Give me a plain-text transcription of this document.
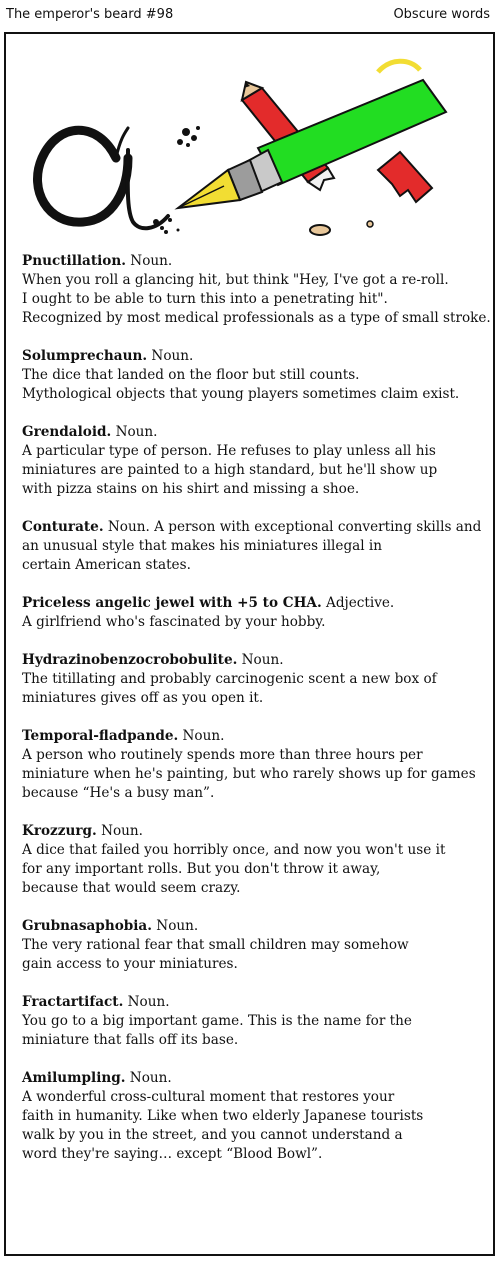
The emperor's beard #98	Obscure words
Pnuctillation. Noun.
When you roll a glancing hit, but think "Hey, I've got a re-roll.
I ought to be able to turn this into a penetrating hit".
Recognized by most medical professionals as a type of small stroke.
Solumprechaun. Noun.
The dice that landed on the floor but still counts.
Mythological objects that young players sometimes claim exist.
Grendaloid. Noun.
A particular type of person. He refuses to play unless all his
miniatures are painted to a high standard, but he'll show up
with pizza stains on his shirt and missing a shoe.
Conturate. Noun. A person with exceptional converting skills and
an unusual style that makes his miniatures illegal in
certain American states.
Priceless angelic jewel with +5 to CHA. Adjective.
A girlfriend who's fascinated by your hobby.
Hydrazinobenzocrobobulite. Noun.
The titillating and probably carcinogenic scent a new box of
miniatures gives off as you open it.
Temporal-fladpande. Noun.
A person who routinely spends more than three hours per
miniature when he's painting, but who rarely shows up for games
because “He's a busy man”.
Krozzurg. Noun.
A dice that failed you horribly once, and now you won't use it
for any important rolls. But you don't throw it away,
because that would seem crazy.
Grubnasaphobia. Noun.
The very rational fear that small children may somehow
gain access to your miniatures.
Fractartifact. Noun.
You go to a big important game. This is the name for the
miniature that falls off its base.
Amilumpling. Noun.
A wonderful cross-cultural moment that restores your
faith in humanity. Like when two elderly Japanese tourists
walk by you in the street, and you cannot understand a
word they're saying… except “Blood Bowl”.
